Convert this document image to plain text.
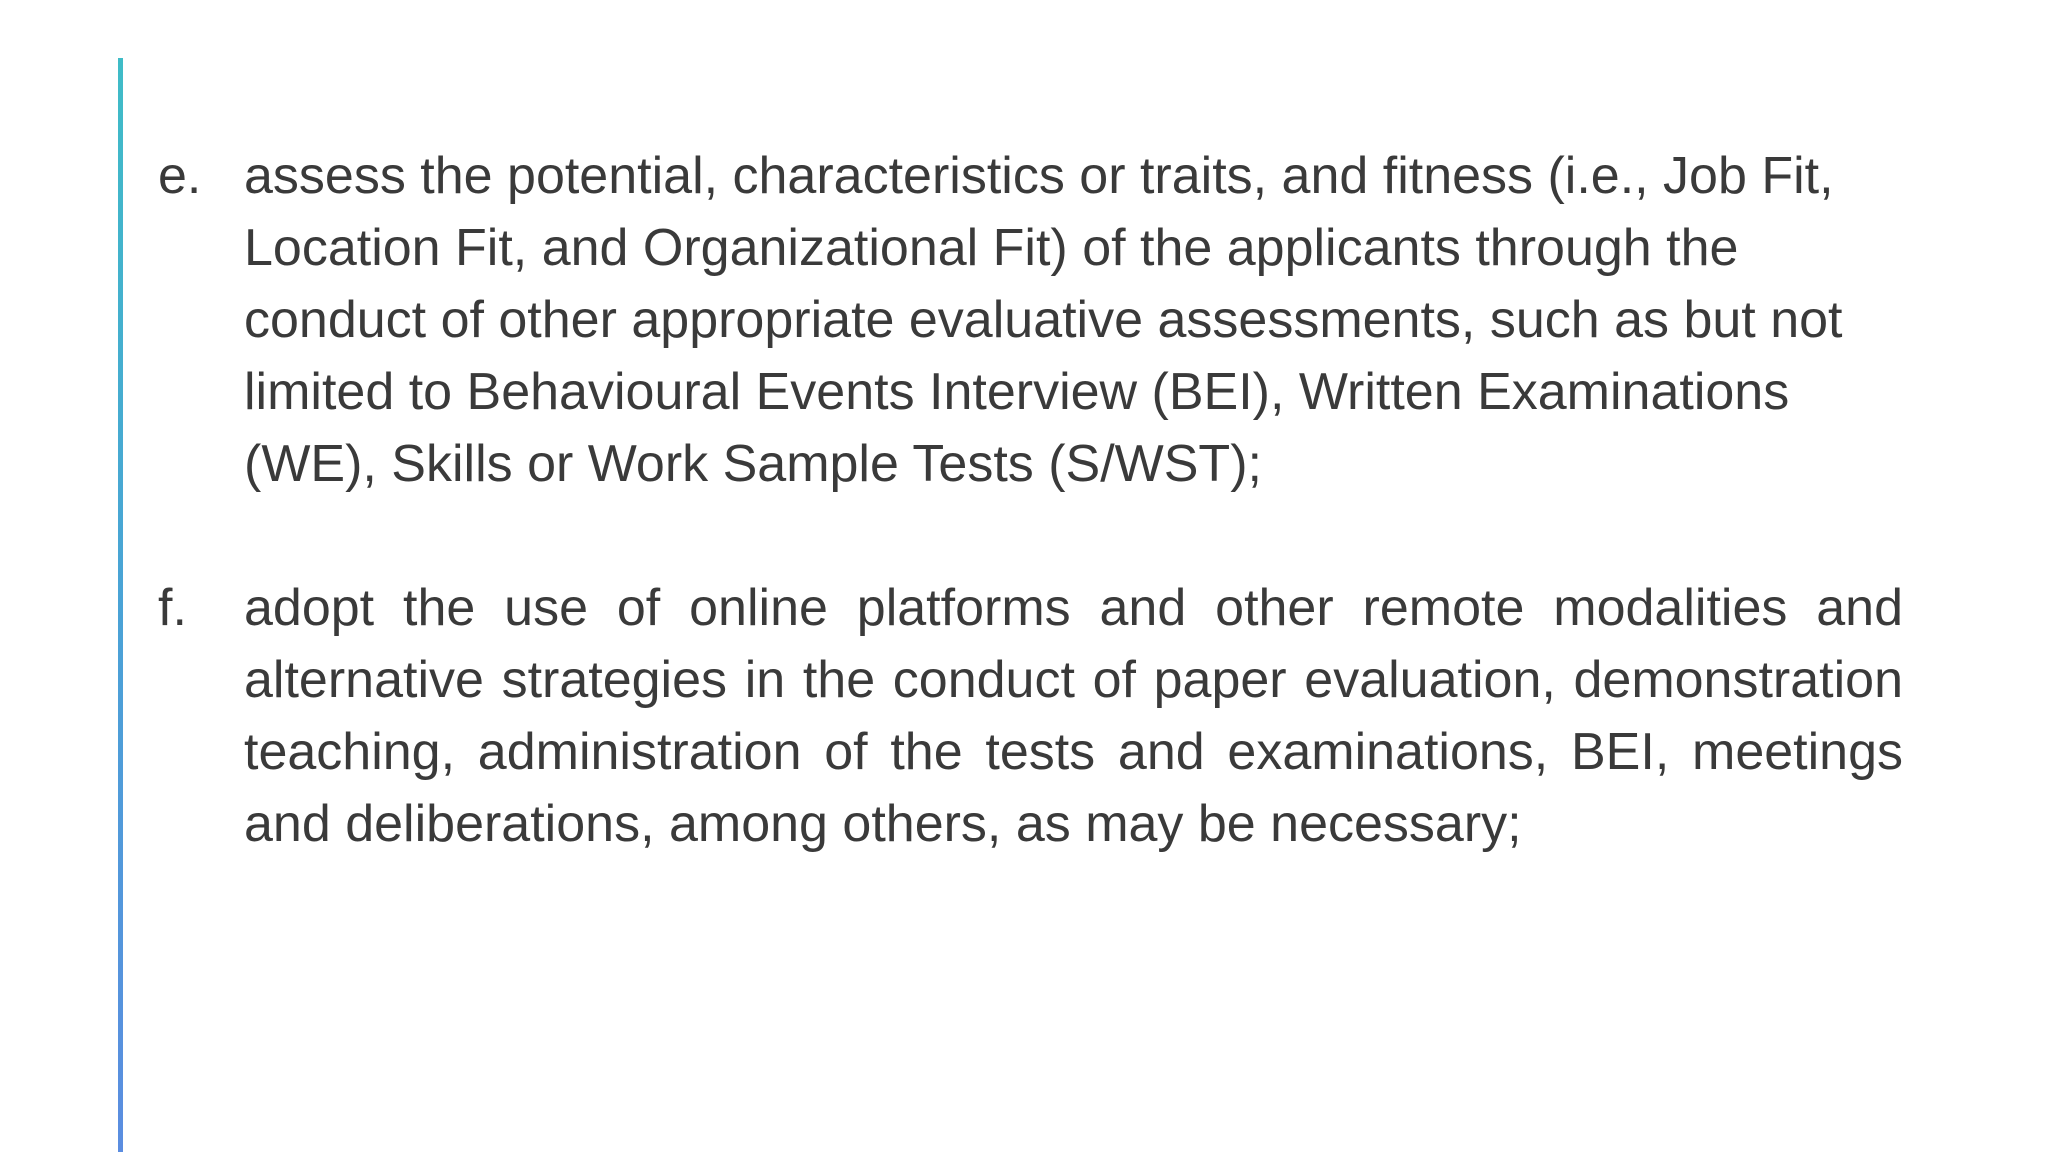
e. assess the potential, characteristics or traits, and fitness (i.e., Job Fit, Location Fit, and Organizational Fit) of the applicants through the conduct of other appropriate evaluative assessments, such as but not limited to Behavioural Events Interview (BEI), Written Examinations (WE), Skills or Work Sample Tests (S/WST);
f.	adopt the use of online platforms and other remote modalities and alternative strategies in the conduct of paper evaluation, demonstration teaching, administration of the tests and examinations, BEI, meetings and deliberations, among others, as may be necessary;
